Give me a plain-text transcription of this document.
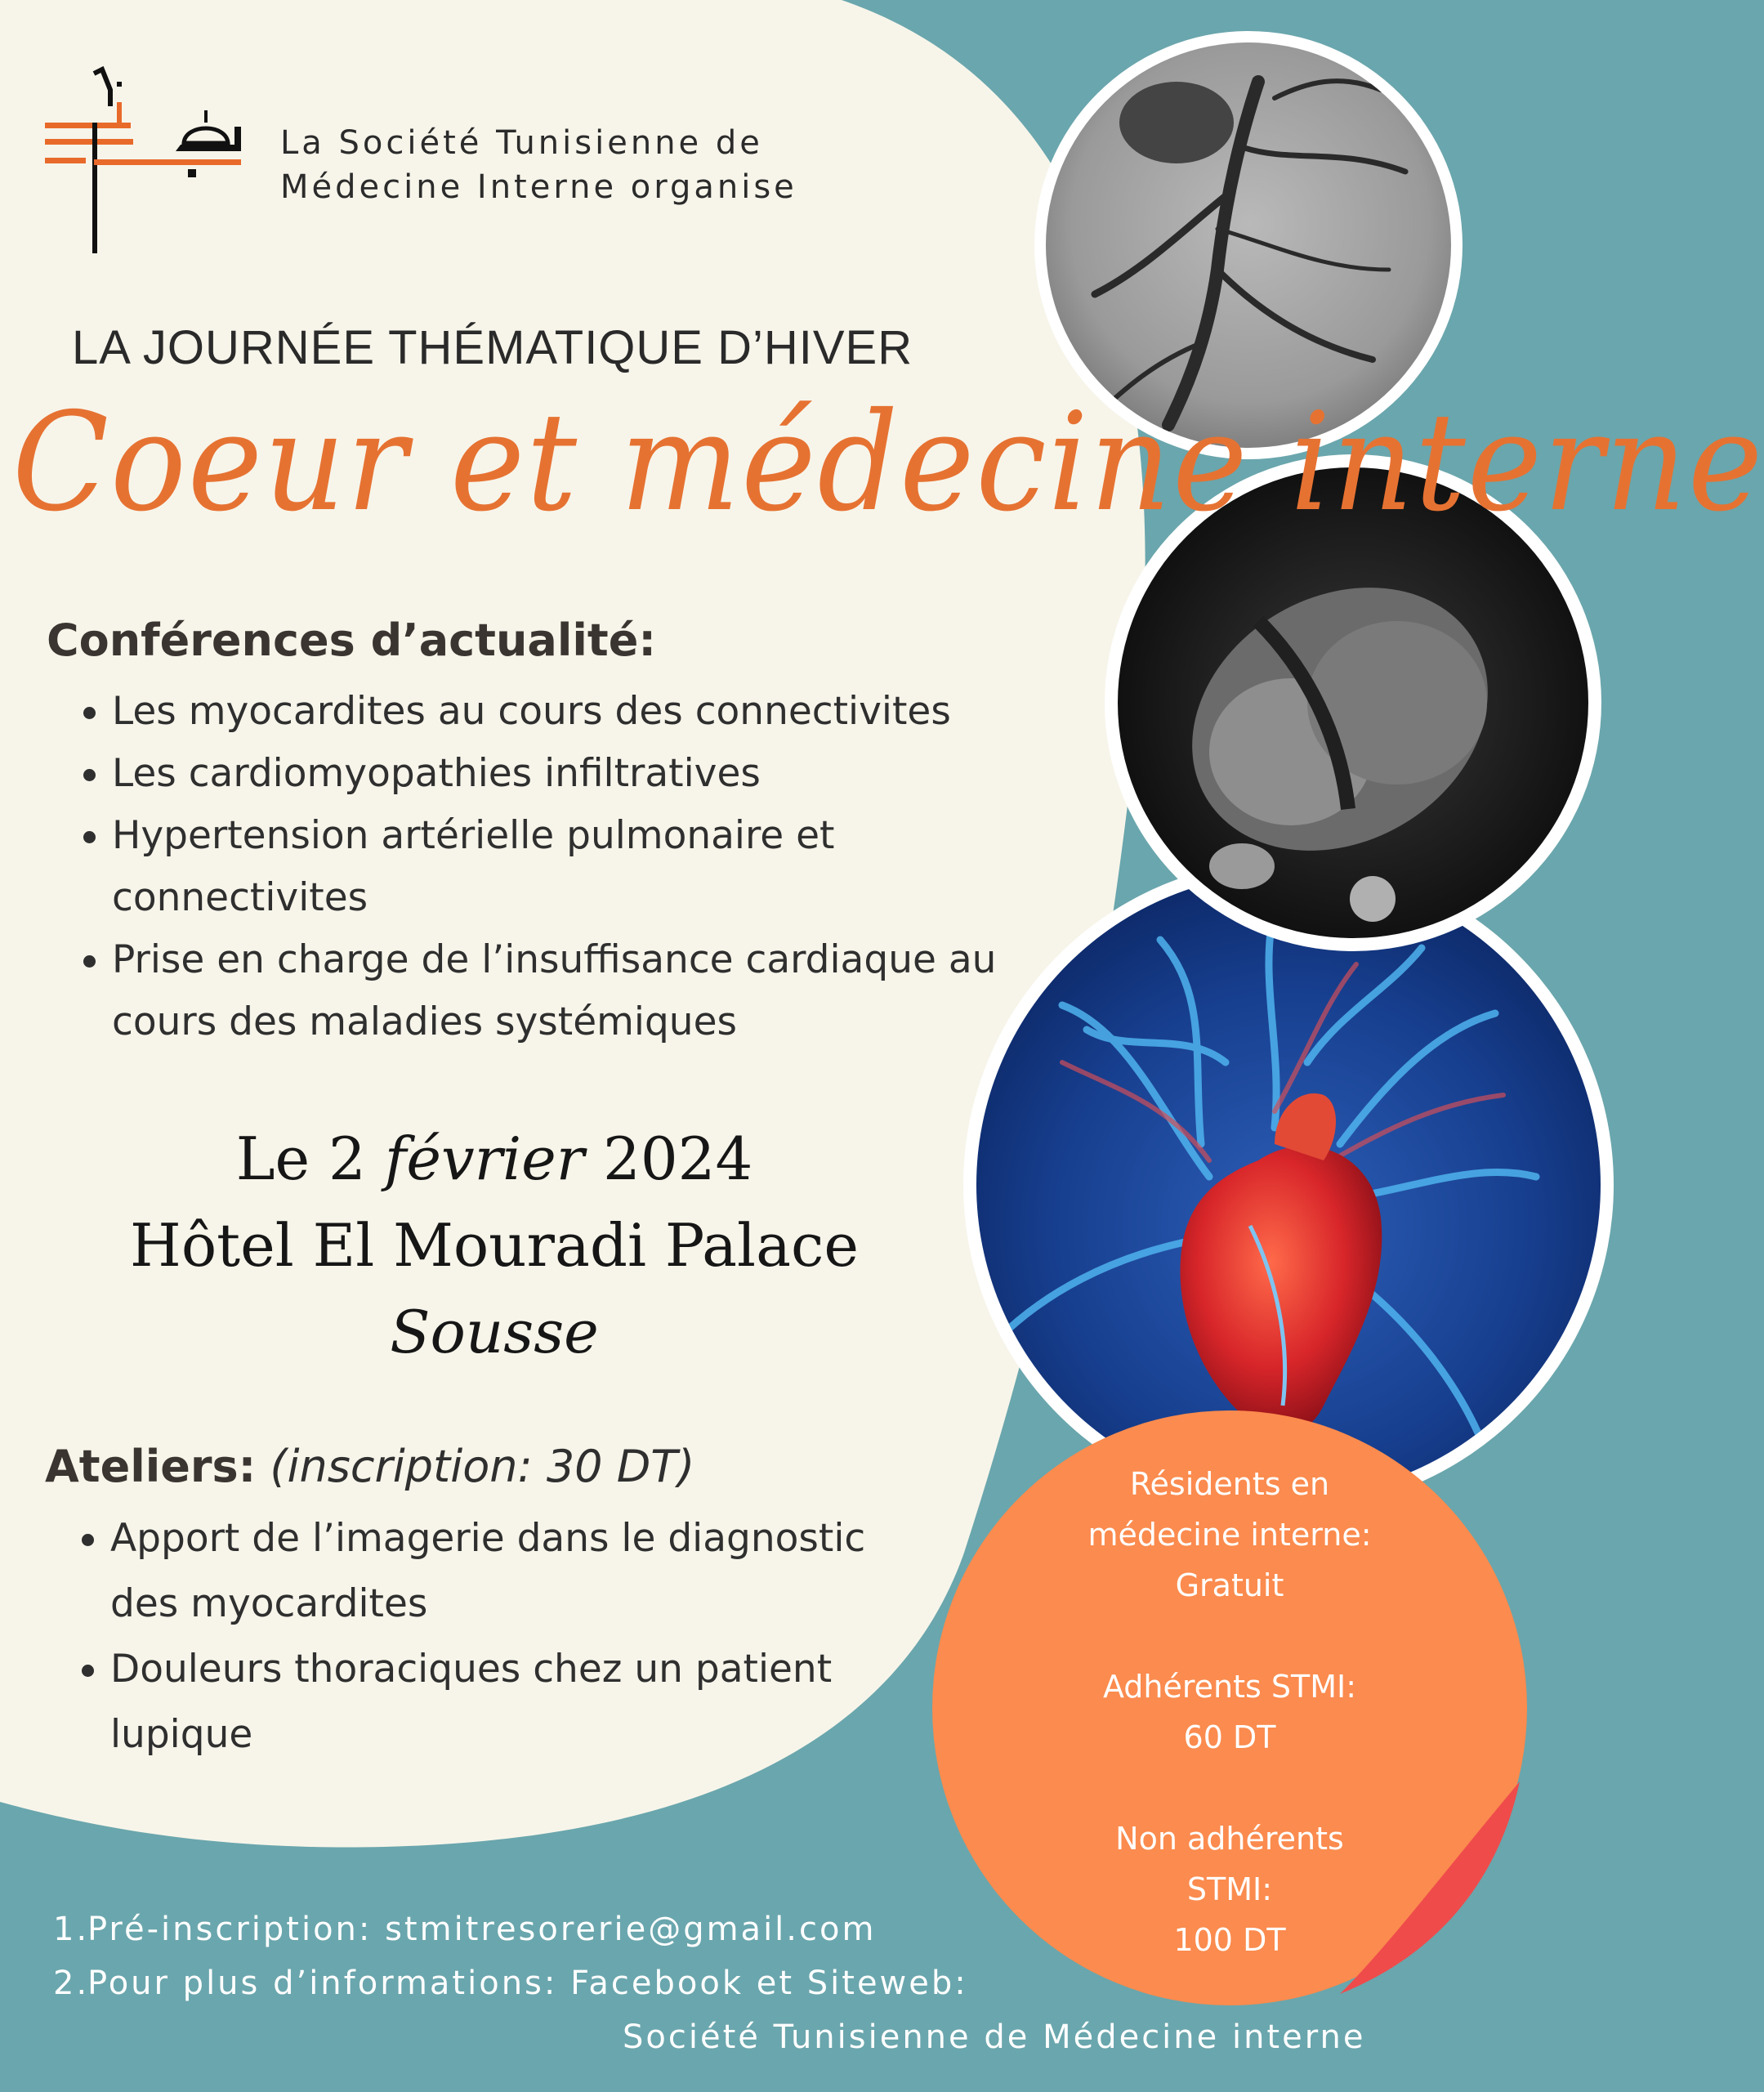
La Société Tunisienne de
Médecine Interne organise
LA JOURNÉE THÉMATIQUE D’HIVER
Coeur et médecine interne
Conférences d’actualité:
Les myocardites au cours des connectivites
Les cardiomyopathies infiltratives
Hypertension artérielle pulmonaire et
connectivites
Prise en charge de l’insuffisance cardiaque au
cours des maladies systémiques
Le 2 février 2024
Hôtel El Mouradi Palace
Sousse
Ateliers: (inscription: 30 DT)
Apport de l’imagerie dans le diagnostic
des myocardites
Douleurs thoraciques chez un patient
lupique
Résidents en
médecine interne:
Gratuit
Adhérents STMI:
60 DT
Non adhérents
STMI:
100 DT
1.Pré-inscription: stmitresorerie@gmail.com
2.Pour plus d’informations: Facebook et Siteweb:
Société Tunisienne de Médecine interne
